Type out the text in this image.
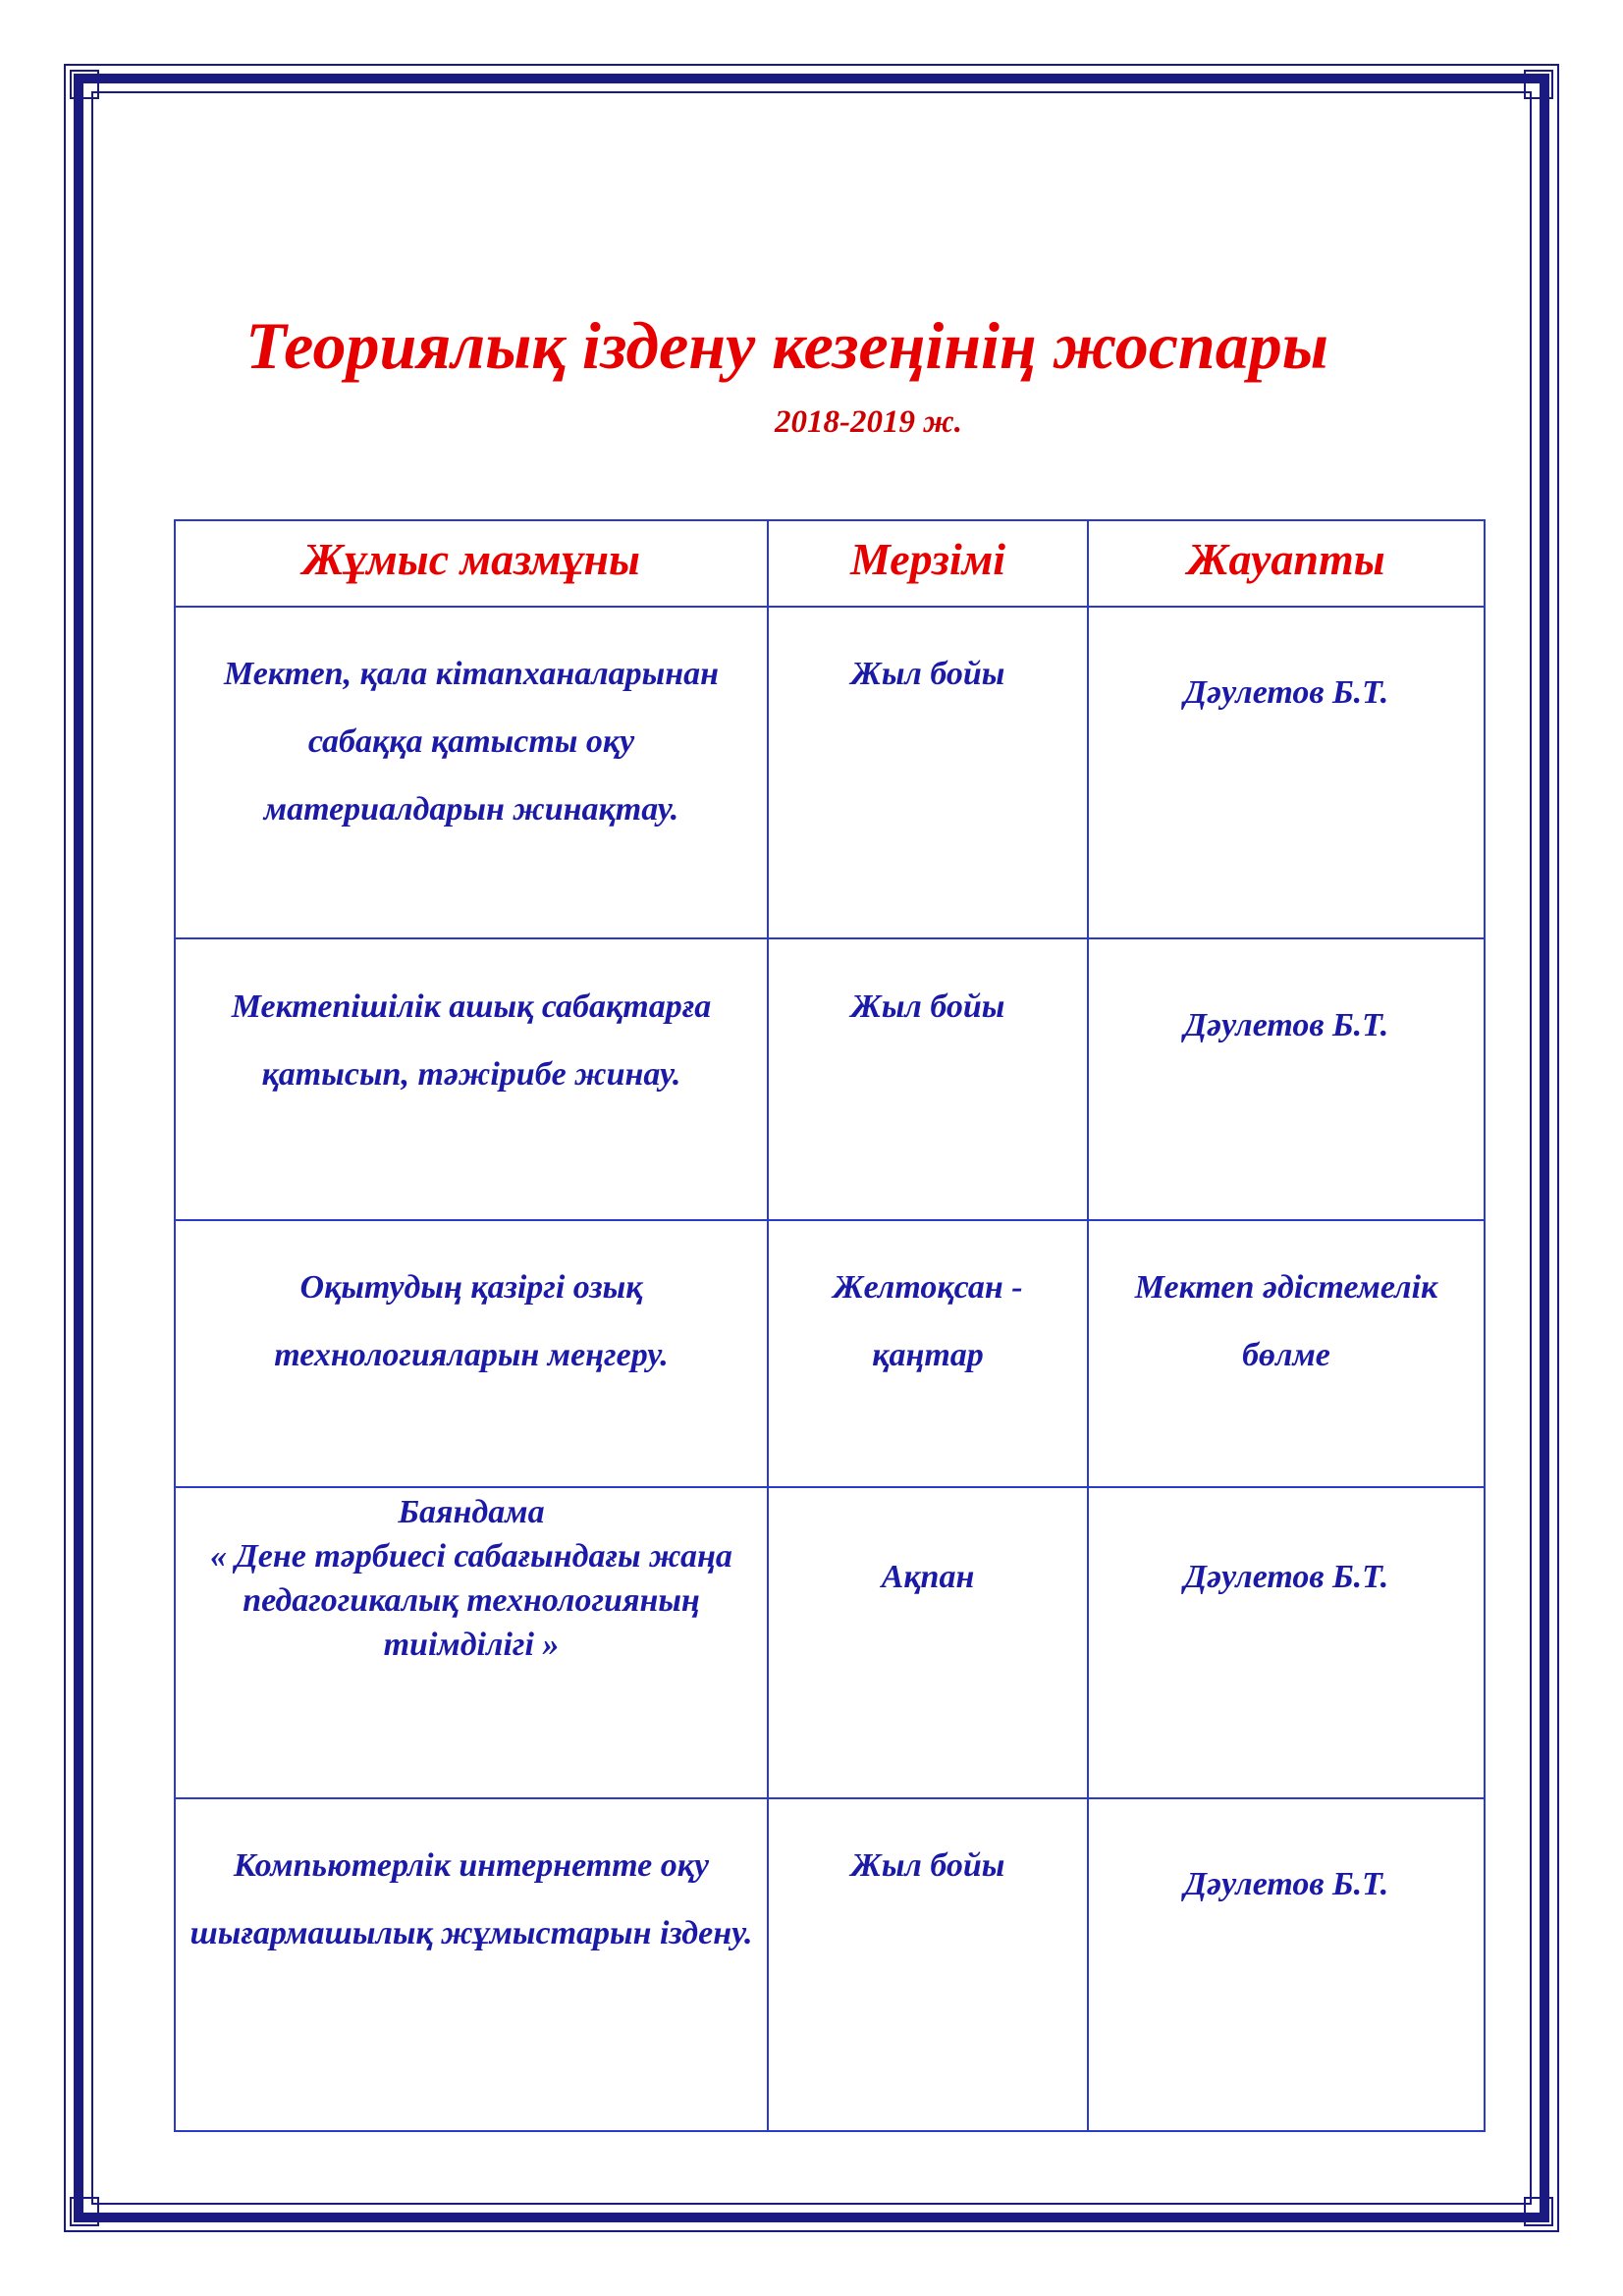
Теориялық іздену кезеңінің жоспары
2018-2019 ж.
Жұмыс мазмұны	Мерзімі	Жауапты

Мектеп, қала кітапханаларынан сабаққа қатысты оқу материалдарын жинақтау.	Жыл бойы	Дәулетов Б.Т.

Мектепішілік ашық сабақтарға қатысып, тәжірибе жинау.	Жыл бойы	Дәулетов Б.Т.

Оқытудың қазіргі озық технологияларын меңгеру.	Желтоқсан - қаңтар	Мектеп әдістемелік бөлме

Баяндама
« Дене тәрбиесі сабағындағы жаңа педагогикалық технологияның тиімділігі »	Ақпан	Дәулетов Б.Т.

Компьютерлік интернетте оқу шығармашылық жұмыстарын іздену.	Жыл бойы	Дәулетов Б.Т.
